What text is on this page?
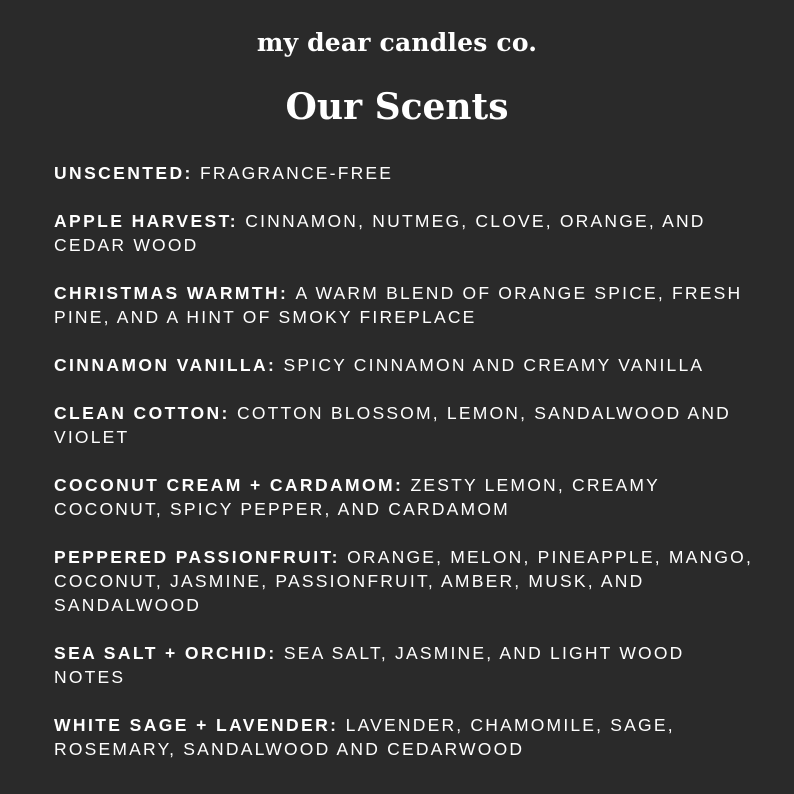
my dear candles co.
Our Scents
UNSCENTED: FRAGRANCE-FREE
APPLE HARVEST: CINNAMON, NUTMEG, CLOVE, ORANGE, AND CEDAR WOOD
CHRISTMAS WARMTH: A WARM BLEND OF ORANGE SPICE, FRESH PINE, AND A HINT OF SMOKY FIREPLACE
CINNAMON VANILLA: SPICY CINNAMON AND CREAMY VANILLA
CLEAN COTTON: COTTON BLOSSOM, LEMON, SANDALWOOD AND VIOLET
COCONUT CREAM + CARDAMOM: ZESTY LEMON, CREAMY COCONUT, SPICY PEPPER, AND CARDAMOM
PEPPERED PASSIONFRUIT: ORANGE, MELON, PINEAPPLE, MANGO, COCONUT, JASMINE, PASSIONFRUIT, AMBER, MUSK, AND SANDALWOOD
SEA SALT + ORCHID: SEA SALT, JASMINE, AND LIGHT WOOD NOTES
WHITE SAGE + LAVENDER: LAVENDER, CHAMOMILE, SAGE, ROSEMARY, SANDALWOOD AND CEDARWOOD
